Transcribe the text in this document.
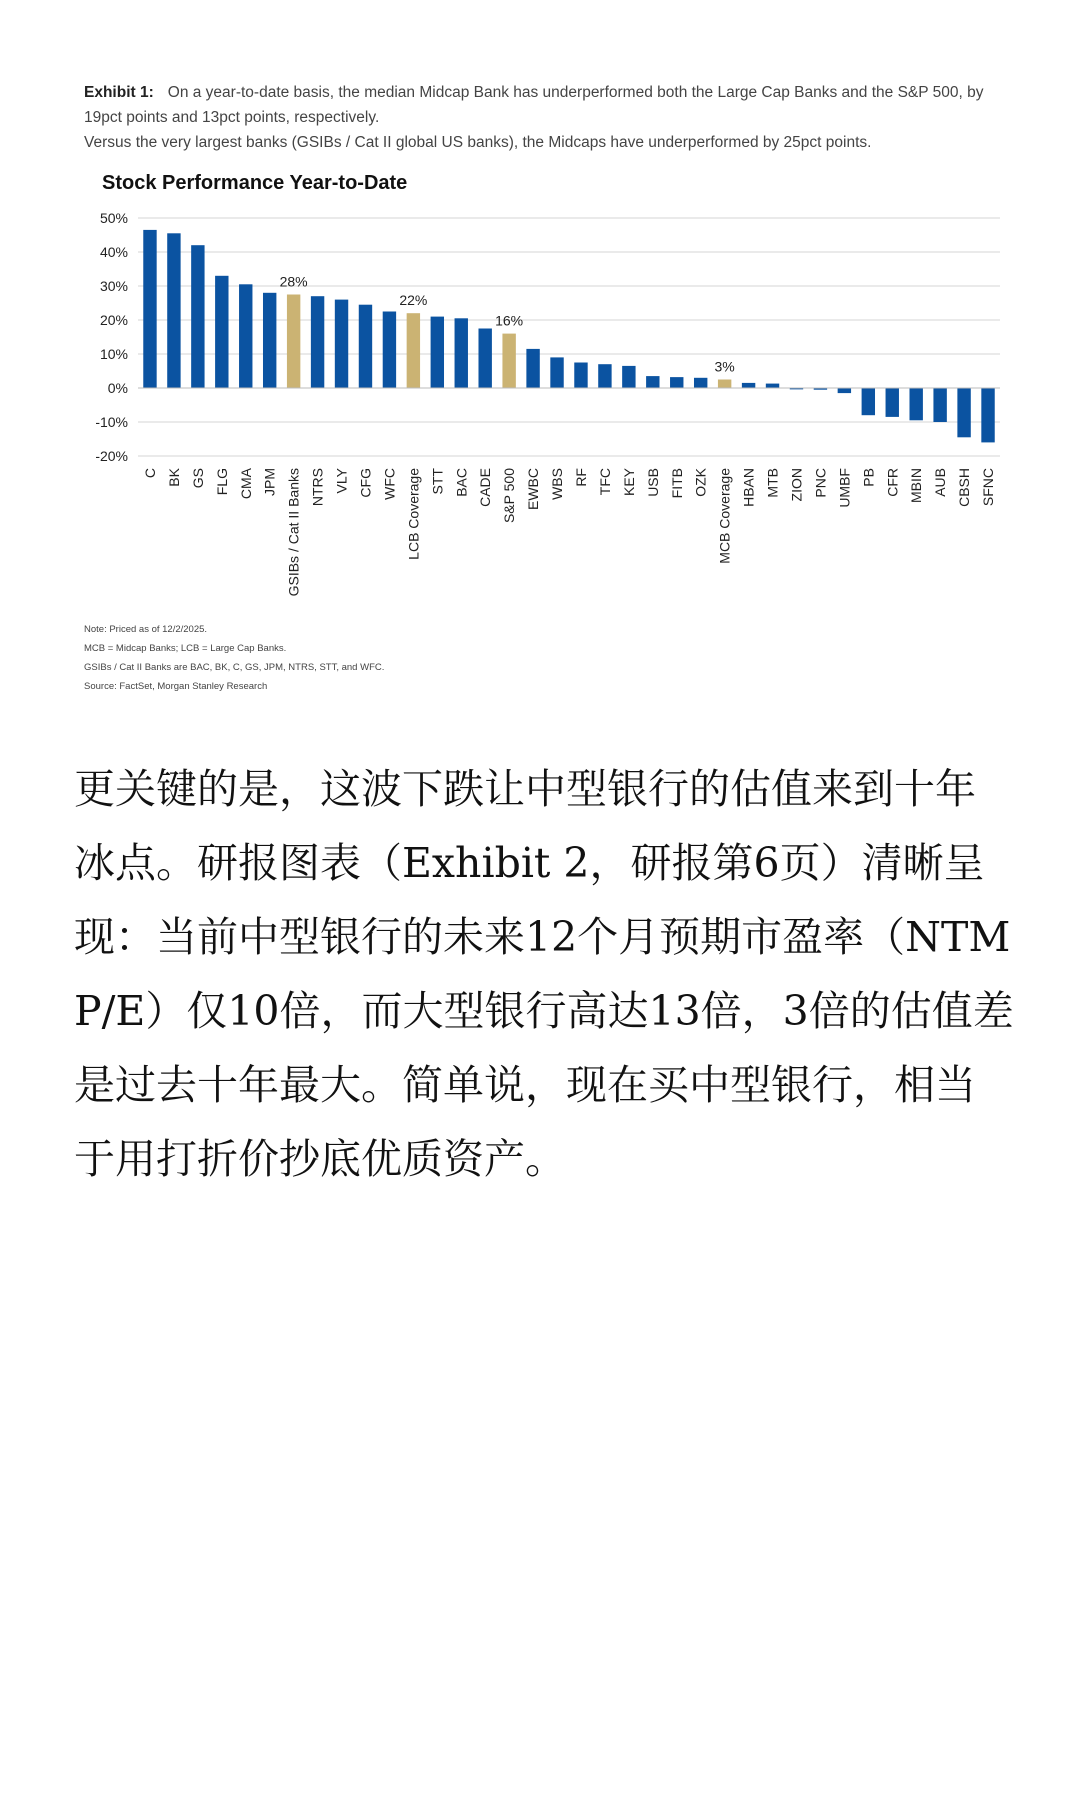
Exhibit 1: On a year-to-date basis, the median Midcap Bank has underperformed both the Large Cap Banks and the S&P 500, by
19pct points and 13pct points, respectively.
Versus the very largest banks (GSIBs / Cat II global US banks), the Midcaps have underperformed by 25pct points.
Stock Performance Year-to-Date
50%
40%
30%
20%
10%
0%
-10%
-20%
C BK GS FLG CMA JPM GSIBs / Cat II Banks NTRS VLY CFG WFC LCB Coverage STT BAC CADE S&P 500 EWBC WBS RF TFC KEY USB FITB OZK MCB Coverage HBAN MTB ZION PNC UMBF PB CFR MBIN AUB CBSH SFNC
28%
22%
16%
3%
Note: Priced as of 12/2/2025.
MCB = Midcap Banks; LCB = Large Cap Banks.
GSIBs / Cat II Banks are BAC, BK, C, GS, JPM, NTRS, STT, and WFC.
Source: FactSet, Morgan Stanley Research
更关键的是，这波下跌让中型银行的估值来到十年冰点。研报图表（Exhibit 2，研报第6页）清晰呈现：当前中型银行的未来12个月预期市盈率（NTM P/E）仅10倍，而大型银行高达13倍，3倍的估值差是过去十年最大。简单说，现在买中型银行，相当于用打折价抄底优质资产。
